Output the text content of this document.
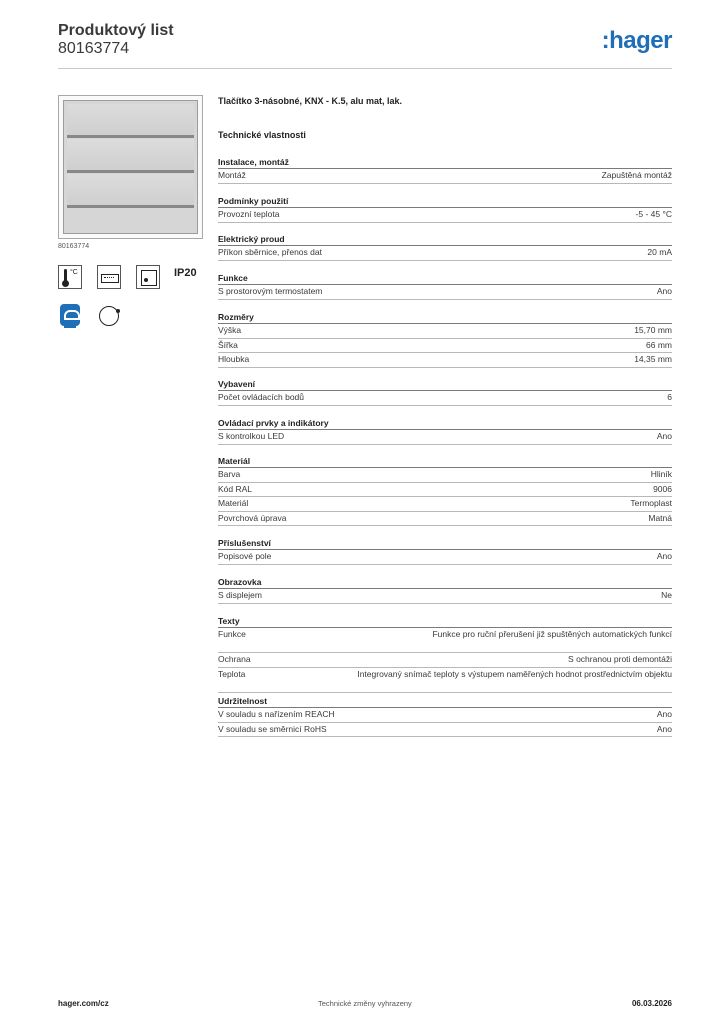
Produktový list
80163774	:hager
80163774
°C	IP20
Tlačítko 3-násobné, KNX - K.5, alu mat, lak.
Technické vlastnosti
Instalace, montáž
Montáž	Zapuštěná montáž
Podmínky použití
Provozní teplota	-5 - 45 °C
Elektrický proud
Příkon sběrnice, přenos dat	20 mA
Funkce
S prostorovým termostatem	Ano
Rozměry
Výška	15,70 mm
Šířka	66 mm
Hloubka	14,35 mm
Vybavení
Počet ovládacích bodů	6
Ovládací prvky a indikátory
S kontrolkou LED	Ano
Materiál
Barva	Hliník
Kód RAL	9006
Materiál	Termoplast
Povrchová úprava	Matná
Příslušenství
Popisové pole	Ano
Obrazovka
S displejem	Ne
Texty
Funkce	Funkce pro ruční přerušení již spuštěných automatických funkcí
Ochrana	S ochranou proti demontáži
Teplota	Integrovaný snímač teploty s výstupem naměřených hodnot prostřednictvím objektu
Udržitelnost
V souladu s nařízením REACH	Ano
V souladu se směrnicí RoHS	Ano
hager.com/cz	Technické změny vyhrazeny	06.03.2026
